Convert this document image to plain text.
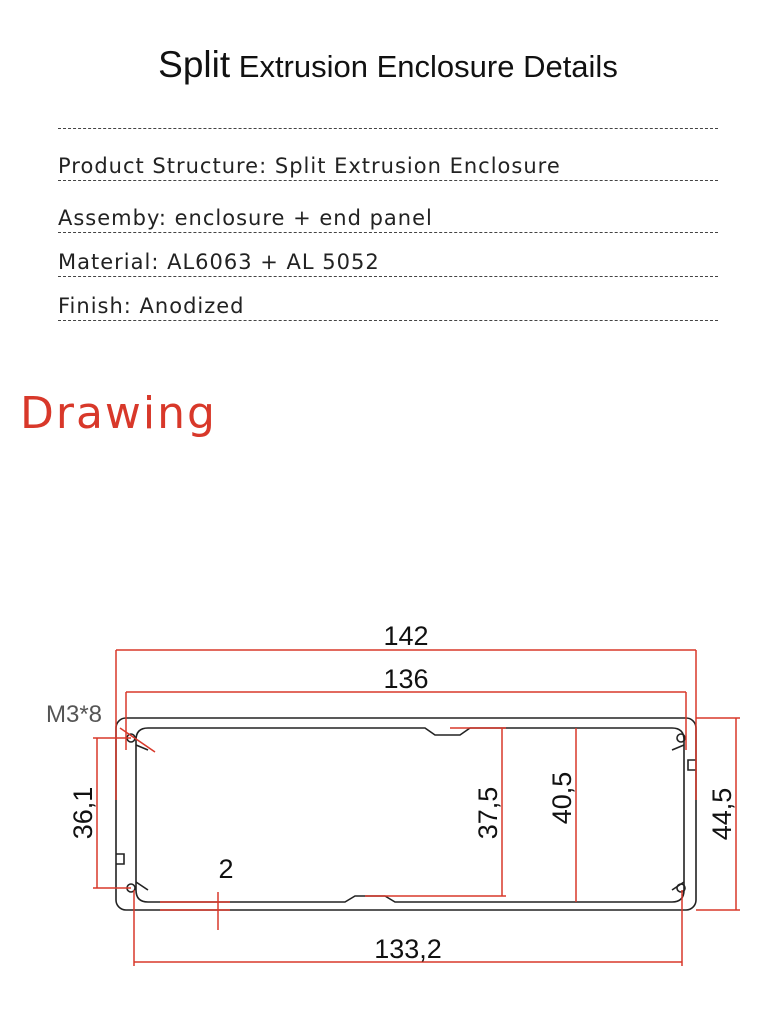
Split Extrusion Enclosure Details
Product Structure: Split Extrusion Enclosure
Assemby: enclosure + end panel
Material: AL6063 + AL 5052
Finish: Anodized
Drawing
142
136
133,2
M3*8
2
36,1	37,5 40,5	44,5
